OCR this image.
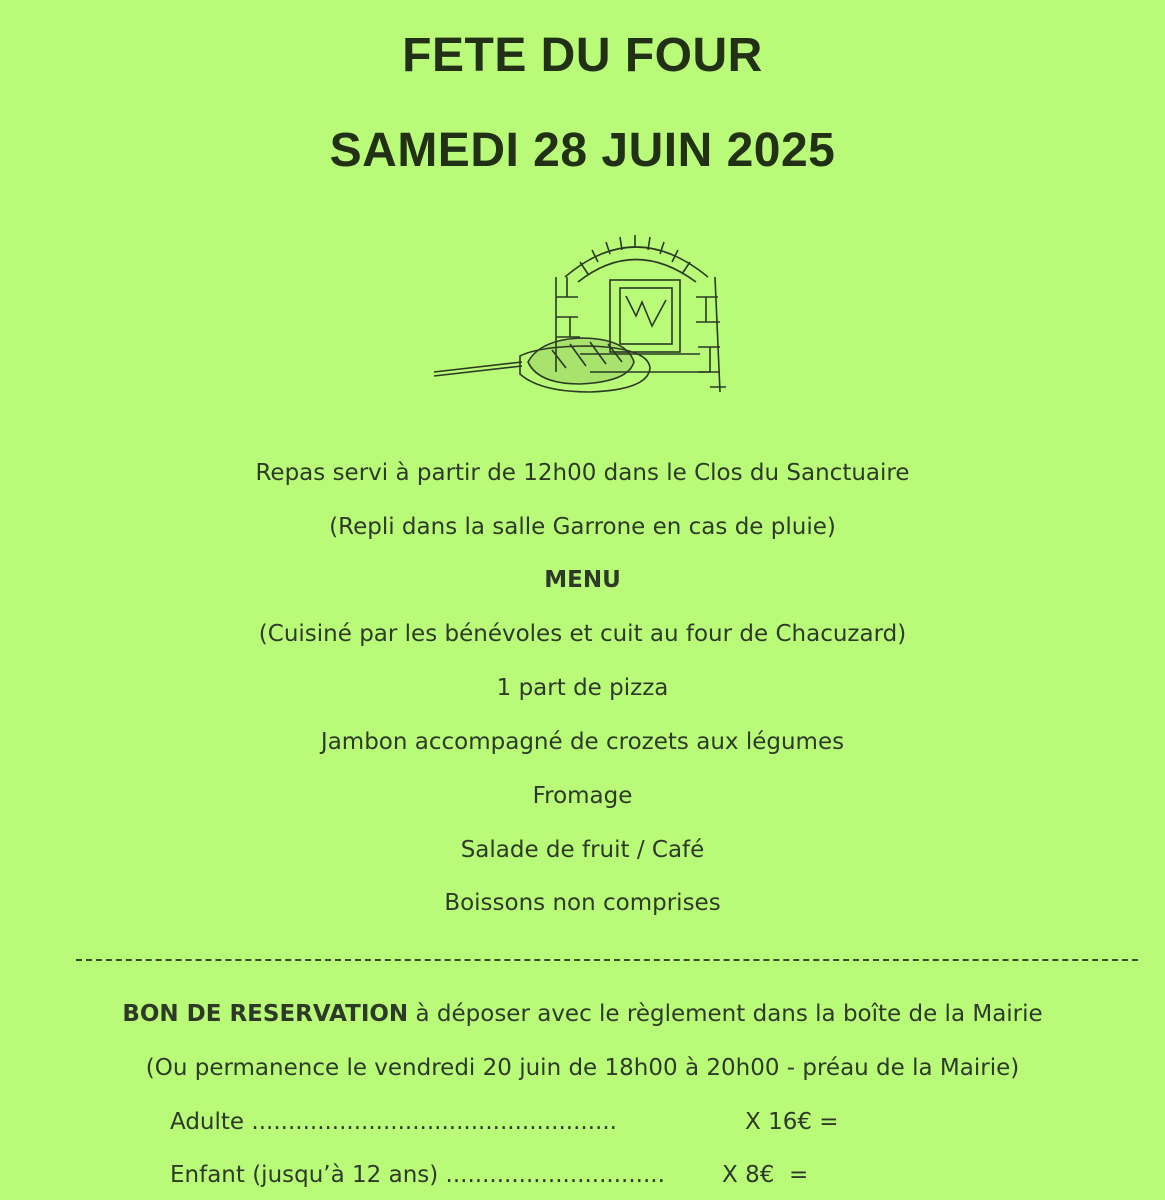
FETE DU FOUR
SAMEDI 28 JUIN 2025
Repas servi à partir de 12h00 dans le Clos du Sanctuaire
(Repli dans la salle Garrone en cas de pluie)
MENU
(Cuisiné par les bénévoles et cuit au four de Chacuzard)
1 part de pizza
Jambon accompagné de crozets aux légumes
Fromage
Salade de fruit / Café
Boissons non comprises
BON DE RESERVATION à déposer avec le règlement dans la boîte de la Mairie
(Ou permanence le vendredi 20 juin de 18h00 à 20h00 - préau de la Mairie)
Adulte ..................................................	X 16€ =
Enfant (jusqu’à 12 ans) .............................. X 8€  =
